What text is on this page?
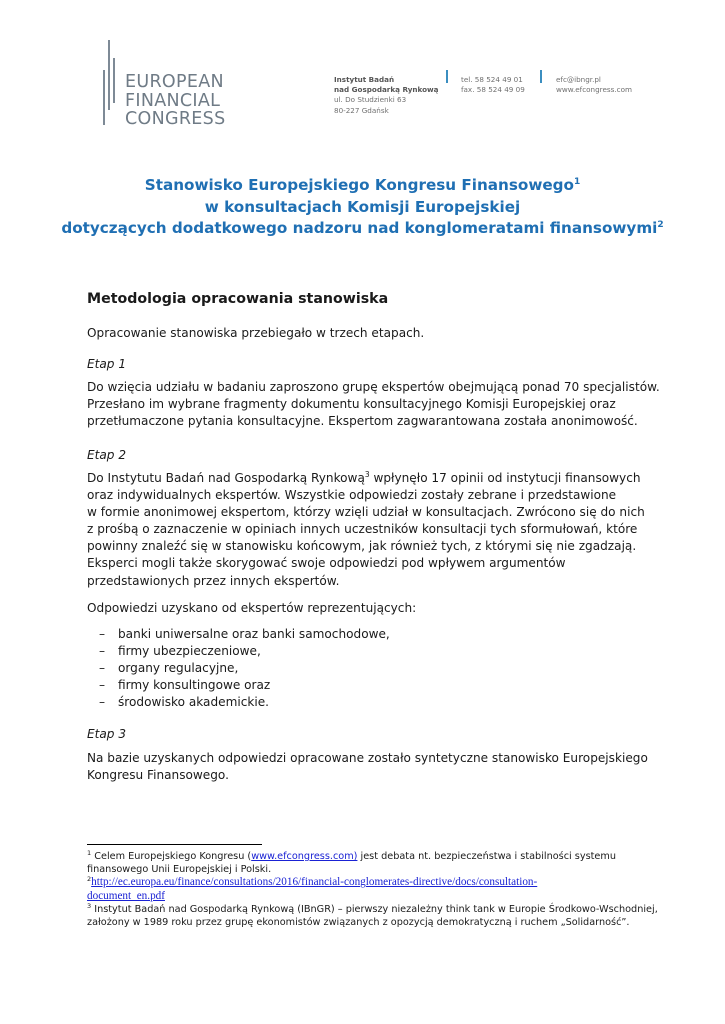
EUROPEAN
FINANCIAL
CONGRESS
Instytut Badań
nad Gospodarką Rynkową
ul. Do Studzienki 63
80-227 Gdańsk
tel. 58 524 49 01
fax. 58 524 49 09
efc@ibngr.pl
www.efcongress.com
Stanowisko Europejskiego Kongresu Finansowego$^1$
w konsultacjach Komisji Europejskiej
dotyczących dodatkowego nadzoru nad konglomeratami finansowymi$^2$
Metodologia opracowania stanowiska
Opracowanie stanowiska przebiegało w trzech etapach.
Etap 1
Do wzięcia udziału w badaniu zaproszono grupę ekspertów obejmującą ponad 70 specjalistów.
Przesłano im wybrane fragmenty dokumentu konsultacyjnego Komisji Europejskiej oraz
przetłumaczone pytania konsultacyjne. Ekspertom zagwarantowana została anonimowość.
Etap 2
Do Instytutu Badań nad Gospodarką Rynkową$^3$ wpłynęło 17 opinii od instytucji finansowych
oraz indywidualnych ekspertów. Wszystkie odpowiedzi zostały zebrane i przedstawione
w formie anonimowej ekspertom, którzy wzięli udział w konsultacjach. Zwrócono się do nich
z prośbą o zaznaczenie w opiniach innych uczestników konsultacji tych sformułowań, które
powinny znaleźć się w stanowisku końcowym, jak również tych, z którymi się nie zgadzają.
Eksperci mogli także skorygować swoje odpowiedzi pod wpływem argumentów
przedstawionych przez innych ekspertów.
Odpowiedzi uzyskano od ekspertów reprezentujących:
– banki uniwersalne oraz banki samochodowe,
– firmy ubezpieczeniowe,
– organy regulacyjne,
– firmy konsultingowe oraz
– środowisko akademickie.
Etap 3
Na bazie uzyskanych odpowiedzi opracowane zostało syntetyczne stanowisko Europejskiego
Kongresu Finansowego.
$^1$ Celem Europejskiego Kongresu (www.efcongress.com) jest debata nt. bezpieczeństwa i stabilności systemu
finansowego Unii Europejskiej i Polski.
$^2$http://ec.europa.eu/finance/consultations/2016/financial-conglomerates-directive/docs/consultation-
document_en.pdf
$^3$ Instytut Badań nad Gospodarką Rynkową (IBnGR) – pierwszy niezależny think tank w Europie Środkowo-Wschodniej,
założony w 1989 roku przez grupę ekonomistów związanych z opozycją demokratyczną i ruchem „Solidarność”.
